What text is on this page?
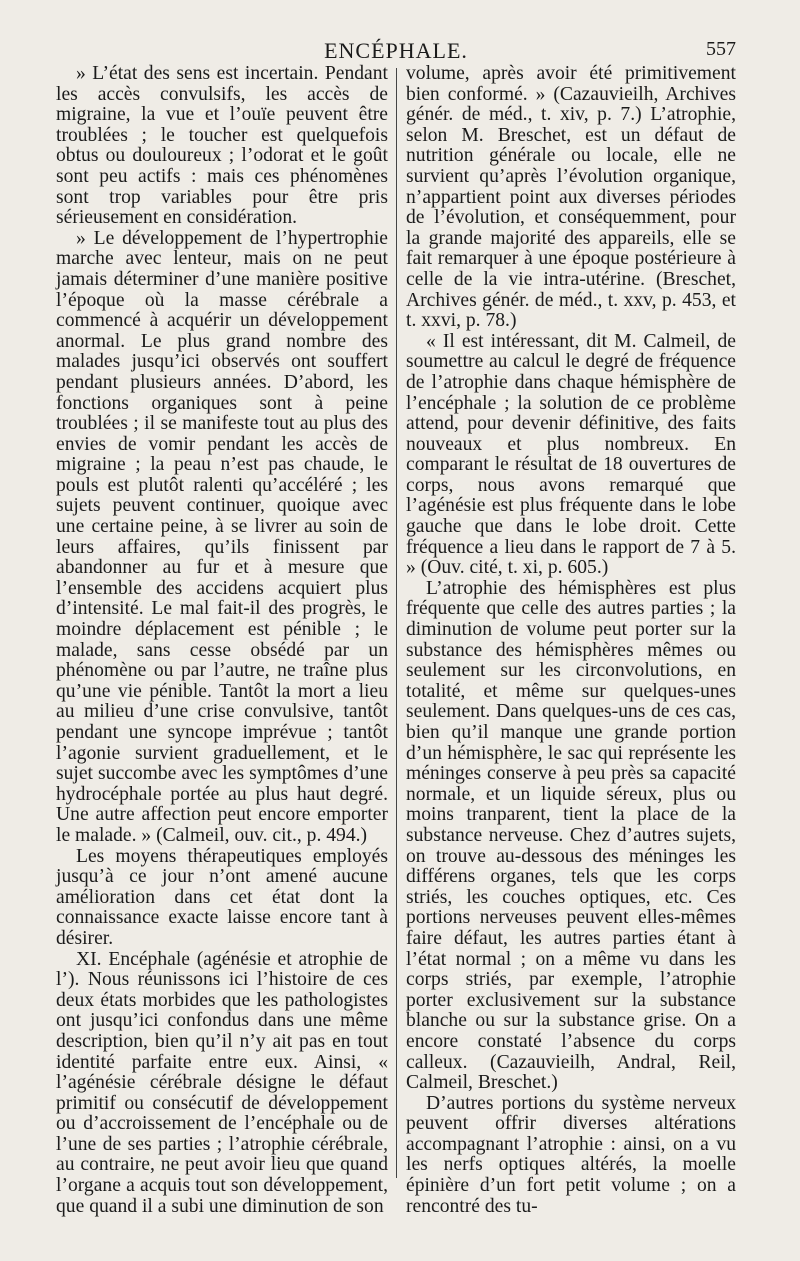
ENCÉPHALE.	557

» L’état des sens est incertain. Pendant les accès convulsifs, les accès de migraine, la vue et l’ouïe peuvent être troublées ; le toucher est quelquefois obtus ou douloureux ; l’odorat et le goût sont peu actifs : mais ces phénomènes sont trop variables pour être pris sérieusement en considération.

» Le développement de l’hypertrophie marche avec lenteur, mais on ne peut jamais déterminer d’une manière positive l’époque où la masse cérébrale a commencé à acquérir un développement anormal. Le plus grand nombre des malades jusqu’ici observés ont souffert pendant plusieurs années. D’abord, les fonctions organiques sont à peine troublées ; il se manifeste tout au plus des envies de vomir pendant les accès de migraine ; la peau n’est pas chaude, le pouls est plutôt ralenti qu’accéléré ; les sujets peuvent continuer, quoique avec une certaine peine, à se livrer au soin de leurs affaires, qu’ils finissent par abandonner au fur et à mesure que l’ensemble des accidens acquiert plus d’intensité. Le mal fait-il des progrès, le moindre déplacement est pénible ; le malade, sans cesse obsédé par un phénomène ou par l’autre, ne traîne plus qu’une vie pénible. Tantôt la mort a lieu au milieu d’une crise convulsive, tantôt pendant une syncope imprévue ; tantôt l’agonie survient graduellement, et le sujet succombe avec les symptômes d’une hydrocéphale portée au plus haut degré. Une autre affection peut encore emporter le malade. » (Calmeil, ouv. cit., p. 494.)

Les moyens thérapeutiques employés jusqu’à ce jour n’ont amené aucune amélioration dans cet état dont la connaissance exacte laisse encore tant à désirer.

XI. Encéphale (agénésie et atrophie de l’). Nous réunissons ici l’histoire de ces deux états morbides que les pathologistes ont jusqu’ici confondus dans une même description, bien qu’il n’y ait pas en tout identité parfaite entre eux. Ainsi, « l’agénésie cérébrale désigne le défaut primitif ou consécutif de développement ou d’accroissement de l’encéphale ou de l’une de ses parties ; l’atrophie cérébrale, au contraire, ne peut avoir lieu que quand l’organe a acquis tout son développement, que quand il a subi une diminution de son

volume, après avoir été primitivement bien conformé. » (Cazauvieilh, Archives génér. de méd., t. xiv, p. 7.) L’atrophie, selon M. Breschet, est un défaut de nutrition générale ou locale, elle ne survient qu’après l’évolution organique, n’appartient point aux diverses périodes de l’évolution, et conséquemment, pour la grande majorité des appareils, elle se fait remarquer à une époque postérieure à celle de la vie intra-utérine. (Breschet, Archives génér. de méd., t. xxv, p. 453, et t. xxvi, p. 78.)

« Il est intéressant, dit M. Calmeil, de soumettre au calcul le degré de fréquence de l’atrophie dans chaque hémisphère de l’encéphale ; la solution de ce problème attend, pour devenir définitive, des faits nouveaux et plus nombreux. En comparant le résultat de 18 ouvertures de corps, nous avons remarqué que l’agénésie est plus fréquente dans le lobe gauche que dans le lobe droit. Cette fréquence a lieu dans le rapport de 7 à 5. » (Ouv. cité, t. xi, p. 605.)

L’atrophie des hémisphères est plus fréquente que celle des autres parties ; la diminution de volume peut porter sur la substance des hémisphères mêmes ou seulement sur les circonvolutions, en totalité, et même sur quelques-unes seulement. Dans quelques-uns de ces cas, bien qu’il manque une grande portion d’un hémisphère, le sac qui représente les méninges conserve à peu près sa capacité normale, et un liquide séreux, plus ou moins tranparent, tient la place de la substance nerveuse. Chez d’autres sujets, on trouve au-dessous des méninges les différens organes, tels que les corps striés, les couches optiques, etc. Ces portions nerveuses peuvent elles-mêmes faire défaut, les autres parties étant à l’état normal ; on a même vu dans les corps striés, par exemple, l’atrophie porter exclusivement sur la substance blanche ou sur la substance grise. On a encore constaté l’absence du corps calleux. (Cazauvieilh, Andral, Reil, Calmeil, Breschet.)

D’autres portions du système nerveux peuvent offrir diverses altérations accompagnant l’atrophie : ainsi, on a vu les nerfs optiques altérés, la moelle épinière d’un fort petit volume ; on a rencontré des tu-
